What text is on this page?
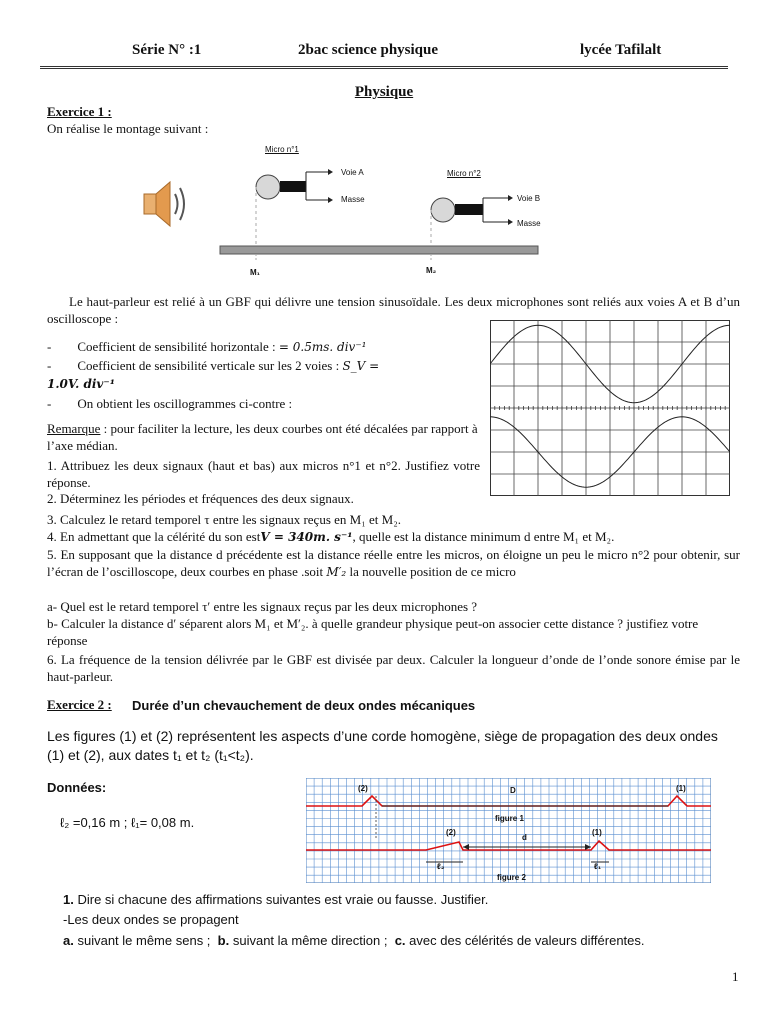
Série N° :1	2bac science physique	lycée Tafilalt
Physique
Exercice 1 :
On réalise le montage suivant :
Micro n°1
Voie A
Masse
Micro n°2
Voie B
Masse
M₁	M₂
Le haut-parleur est relié à un GBF qui délivre une tension sinusoïdale. Les deux microphones sont reliés aux voies A et B d’un oscilloscope :
- Coefficient de sensibilité horizontale : = 0.5ms. div⁻¹
- Coefficient de sensibilité verticale sur les 2 voies : S_V =
1.0V. div⁻¹
- On obtient les oscillogrammes ci-contre :
Remarque : pour faciliter la lecture, les deux courbes ont été décalées par rapport à l’axe médian.
1. Attribuez les deux signaux (haut et bas) aux micros n°1 et n°2. Justifiez votre réponse.
2. Déterminez les périodes et fréquences des deux signaux.
3. Calculez le retard temporel τ entre les signaux reçus en M₁ et M₂.
4. En admettant que la célérité du son estV = 340m. s⁻¹, quelle est la distance minimum d entre M₁ et M₂.
5. En supposant que la distance d précédente est la distance réelle entre les micros, on éloigne un peu le micro n°2 pour obtenir, sur l’écran de l’oscilloscope, deux courbes en phase .soit M′₂ la nouvelle position de ce micro
a- Quel est le retard temporel τ′ entre les signaux reçus par les deux microphones ?
b- Calculer la distance d′ séparent alors M₁ et M′₂. à quelle grandeur physique peut-on associer cette distance ? justifiez votre réponse
6. La fréquence de la tension délivrée par le GBF est divisée par deux. Calculer la longueur d’onde de l’onde sonore émise par le haut-parleur.
Exercice 2 : Durée d’un chevauchement de deux ondes mécaniques
Les figures (1) et (2) représentent les aspects d’une corde homogène, siège de propagation des deux ondes (1) et (2), aux dates t₁ et t₂ (t₁<t₂).
Données:
ℓ₂ =0,16 m ; ℓ₁= 0,08 m.
(2)	(1)
D
figure 1
(2)	(1)
d
ℓ₂	ℓ₁
figure 2
1. Dire si chacune des affirmations suivantes est vraie ou fausse. Justifier.
-Les deux ondes se propagent
a. suivant le même sens ; b. suivant la même direction ; c. avec des célérités de valeurs différentes.
1
